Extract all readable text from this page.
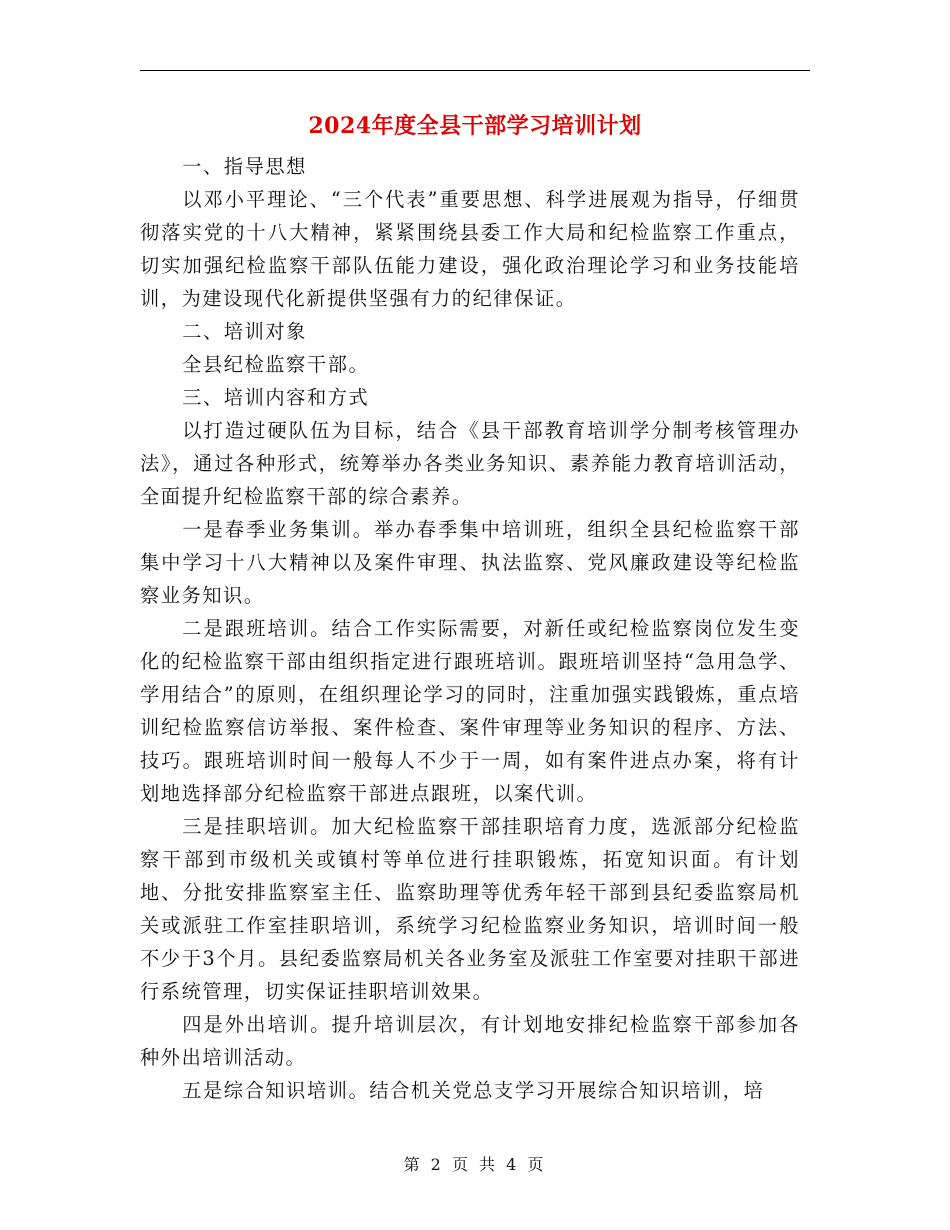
2024年度全县干部学习培训计划

一、指导思想

以邓小平理论、“三个代表”重要思想、科学进展观为指导，仔细贯彻落实党的十八大精神，紧紧围绕县委工作大局和纪检监察工作重点，切实加强纪检监察干部队伍能力建设，强化政治理论学习和业务技能培训，为建设现代化新提供坚强有力的纪律保证。

二、培训对象

全县纪检监察干部。

三、培训内容和方式

以打造过硬队伍为目标，结合《县干部教育培训学分制考核管理办法》，通过各种形式，统筹举办各类业务知识、素养能力教育培训活动，全面提升纪检监察干部的综合素养。

一是春季业务集训。举办春季集中培训班，组织全县纪检监察干部集中学习十八大精神以及案件审理、执法监察、党风廉政建设等纪检监察业务知识。

二是跟班培训。结合工作实际需要，对新任或纪检监察岗位发生变化的纪检监察干部由组织指定进行跟班培训。跟班培训坚持“急用急学、学用结合”的原则，在组织理论学习的同时，注重加强实践锻炼，重点培训纪检监察信访举报、案件检查、案件审理等业务知识的程序、方法、技巧。跟班培训时间一般每人不少于一周，如有案件进点办案，将有计划地选择部分纪检监察干部进点跟班，以案代训。

三是挂职培训。加大纪检监察干部挂职培育力度，选派部分纪检监察干部到市级机关或镇村等单位进行挂职锻炼，拓宽知识面。有计划地、分批安排监察室主任、监察助理等优秀年轻干部到县纪委监察局机关或派驻工作室挂职培训，系统学习纪检监察业务知识，培训时间一般不少于3个月。县纪委监察局机关各业务室及派驻工作室要对挂职干部进行系统管理，切实保证挂职培训效果。

四是外出培训。提升培训层次，有计划地安排纪检监察干部参加各种外出培训活动。

五是综合知识培训。结合机关党总支学习开展综合知识培训，培

第 2 页 共 4 页
